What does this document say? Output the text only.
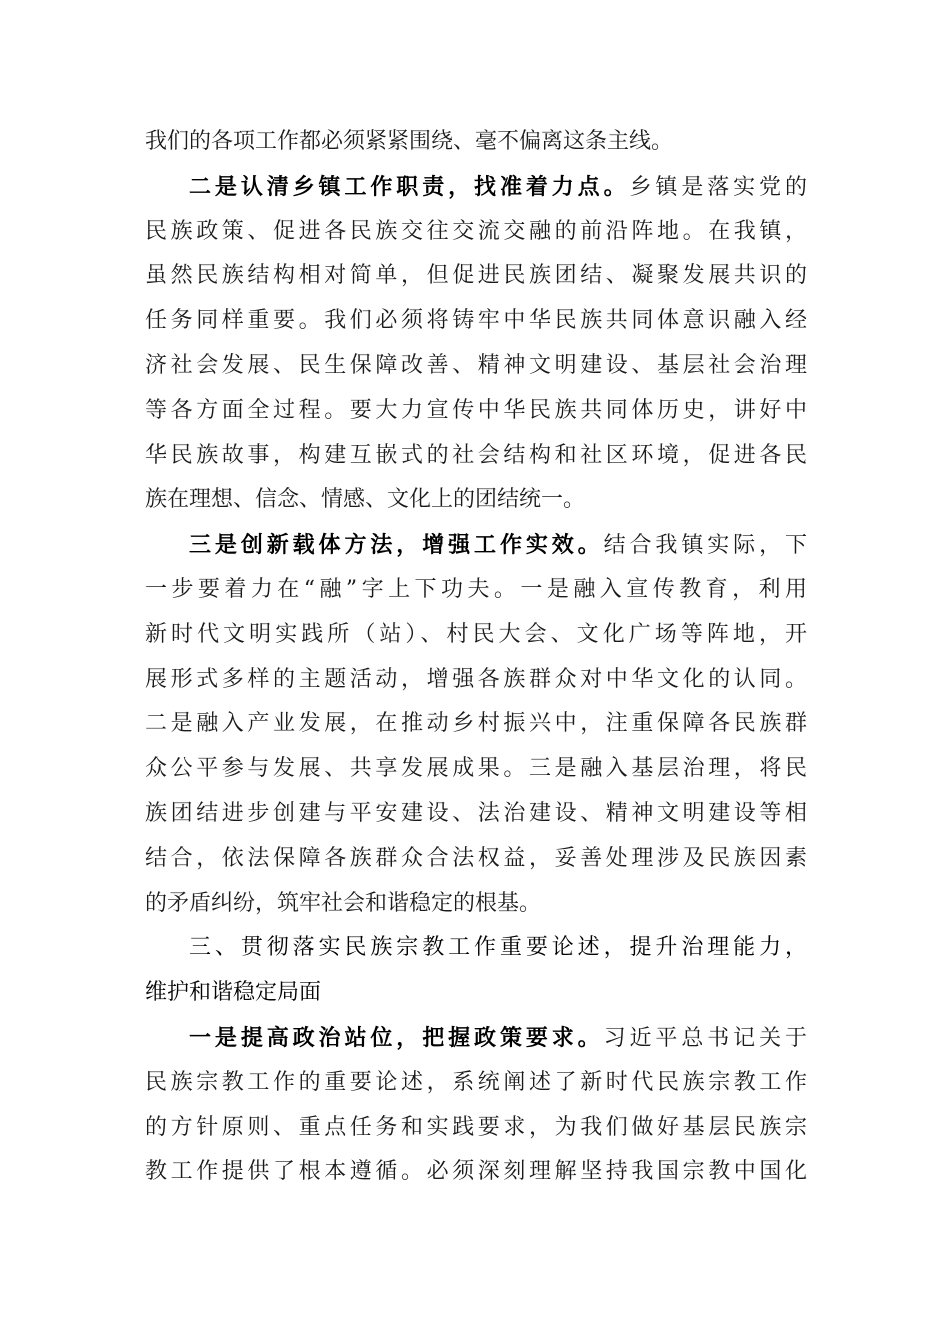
我们的各项工作都必须紧紧围绕、毫不偏离这条主线。
二是认清乡镇工作职责，找准着力点。乡镇是落实党的
民族政策、促进各民族交往交流交融的前沿阵地。在我镇，
虽然民族结构相对简单，但促进民族团结、凝聚发展共识的
任务同样重要。我们必须将铸牢中华民族共同体意识融入经
济社会发展、民生保障改善、精神文明建设、基层社会治理
等各方面全过程。要大力宣传中华民族共同体历史，讲好中
华民族故事，构建互嵌式的社会结构和社区环境，促进各民
族在理想、信念、情感、文化上的团结统一。
三是创新载体方法，增强工作实效。结合我镇实际，下
一步要着力在“融”字上下功夫。一是融入宣传教育，利用
新时代文明实践所（站）、村民大会、文化广场等阵地，开
展形式多样的主题活动，增强各族群众对中华文化的认同。
二是融入产业发展，在推动乡村振兴中，注重保障各民族群
众公平参与发展、共享发展成果。三是融入基层治理，将民
族团结进步创建与平安建设、法治建设、精神文明建设等相
结合，依法保障各族群众合法权益，妥善处理涉及民族因素
的矛盾纠纷，筑牢社会和谐稳定的根基。
三、贯彻落实民族宗教工作重要论述，提升治理能力，
维护和谐稳定局面
一是提高政治站位，把握政策要求。习近平总书记关于
民族宗教工作的重要论述，系统阐述了新时代民族宗教工作
的方针原则、重点任务和实践要求，为我们做好基层民族宗
教工作提供了根本遵循。必须深刻理解坚持我国宗教中国化
